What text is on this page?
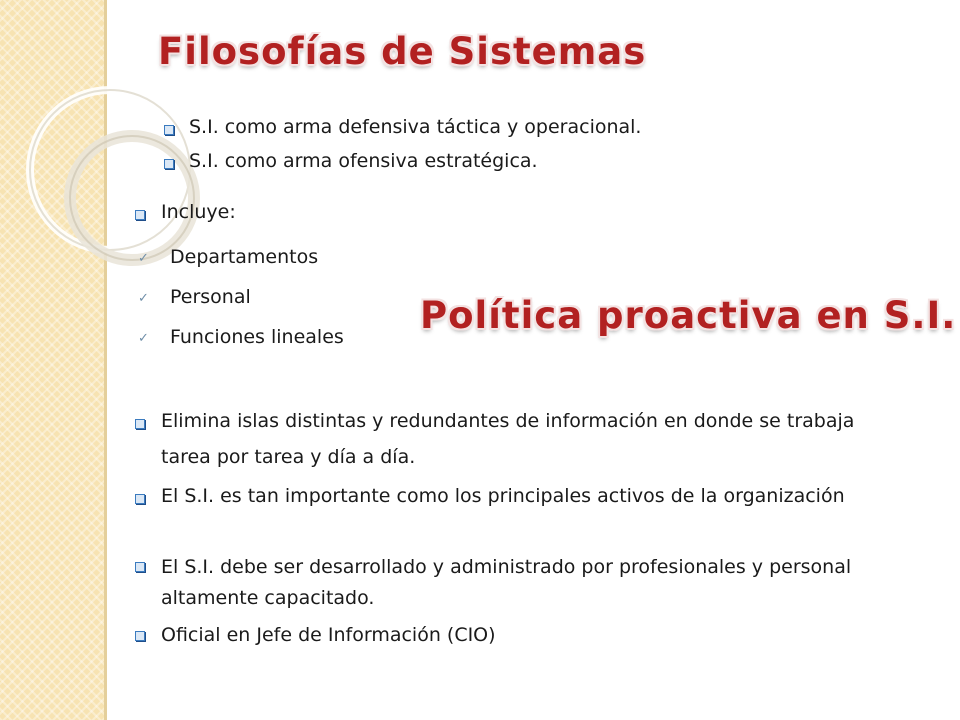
Filosofías de Sistemas
S.I. como arma defensiva táctica y operacional.
S.I. como arma ofensiva estratégica.
Incluye:
✓ Departamentos
✓ Personal
✓ Funciones lineales Política proactiva en S.I.
Elimina islas distintas y redundantes de información en donde se trabaja
tarea por tarea y día a día.
El S.I. es tan importante como los principales activos de la organización
El S.I. debe ser desarrollado y administrado por profesionales y personal
altamente capacitado.
Oficial en Jefe de Información (CIO)
